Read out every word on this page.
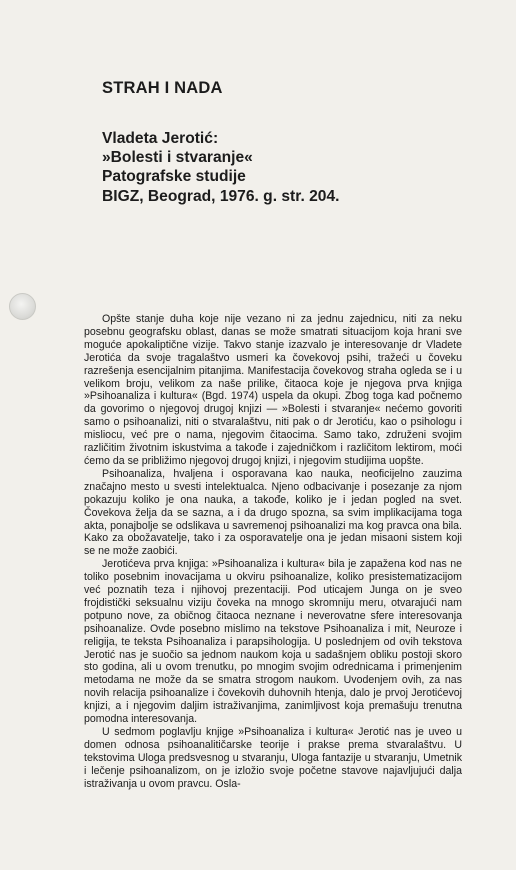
STRAH I NADA
Vladeta Jerotić:
»Bolesti i stvaranje«
Patografske studije
BIGZ, Beograd, 1976. g. str. 204.

Opšte stanje duha koje nije vezano ni za jednu zajednicu, niti za neku posebnu geografsku oblast, danas se može smatrati situacijom koja hrani sve moguće apokaliptične vizije. Takvo stanje izazvalo je interesovanje dr Vladete Jerotića da svoje tragalaštvo usmeri ka čovekovoj psihi, tražeći u čoveku razrešenja esencijalnim pitanjima. Manifestacija čovekovog straha ogleda se i u velikom broju, velikom za naše prilike, čitaoca koje je njegova prva knjiga »Psihoanaliza i kultura« (Bgd. 1974) uspela da okupi. Zbog toga kad počnemo da govorimo o njegovoj drugoj knjizi — »Bolesti i stvaranje« nećemo govoriti samo o psihoanalizi, niti o stvaralaštvu, niti pak o dr Jerotiću, kao o psihologu i misliocu, već pre o nama, njegovim čitaocima. Samo tako, združeni svojim različitim životnim iskustvima a takođe i zajedničkom i različitom lektirom, moći ćemo da se približimo njegovoj drugoj knjizi, i njegovim studijima uopšte.

Psihoanaliza, hvaljena i osporavana kao nauka, neoficijelno zauzima značajno mesto u svesti intelektualca. Njeno odbacivanje i posezanje za njom pokazuju koliko je ona nauka, a takođe, koliko je i jedan pogled na svet. Čovekova želja da se sazna, a i da drugo spozna, sa svim implikacijama toga akta, ponajbolje se odslikava u savremenoj psihoanalizi ma kog pravca ona bila. Kako za obožavatelje, tako i za osporavatelje ona je jedan misaoni sistem koji se ne može zaobići.

Jerotićeva prva knjiga: »Psihoanaliza i kultura« bila je zapažena kod nas ne toliko posebnim inovacijama u okviru psihoanalize, koliko presistematizacijom već poznatih teza i njihovoj prezentaciji. Pod uticajem Junga on je sveo frojdistički seksualnu viziju čoveka na mnogo skromniju meru, otvarajući nam potpuno nove, za običnog čitaoca neznane i neverovatne sfere interesovanja psihoanalize. Ovde posebno mislimo na tekstove Psihoanaliza i mit, Neuroze i religija, te teksta Psihoanaliza i parapsihologija. U poslednjem od ovih tekstova Jerotić nas je suočio sa jednom naukom koja u sadašnjem obliku postoji skoro sto godina, ali u ovom trenutku, po mnogim svojim odrednicama i primenjenim metodama ne može da se smatra strogom naukom. Uvodenjem ovih, za nas novih relacija psihoanalize i čovekovih duhovnih htenja, dalo je prvoj Jerotićevoj knjizi, a i njegovim daljim istraživanjima, zanimljivost koja premašuju trenutna pomodna interesovanja.

U sedmom poglavlju knjige »Psihoanaliza i kultura« Jerotić nas je uveo u domen odnosa psihoanalitičarske teorije i prakse prema stvaralaštvu. U tekstovima Uloga predsvesnog u stvaranju, Uloga fantazije u stvaranju, Umetnik i lečenje psihoanalizom, on je izložio svoje početne stavove najavljujući dalja istraživanja u ovom pravcu. Osla-
